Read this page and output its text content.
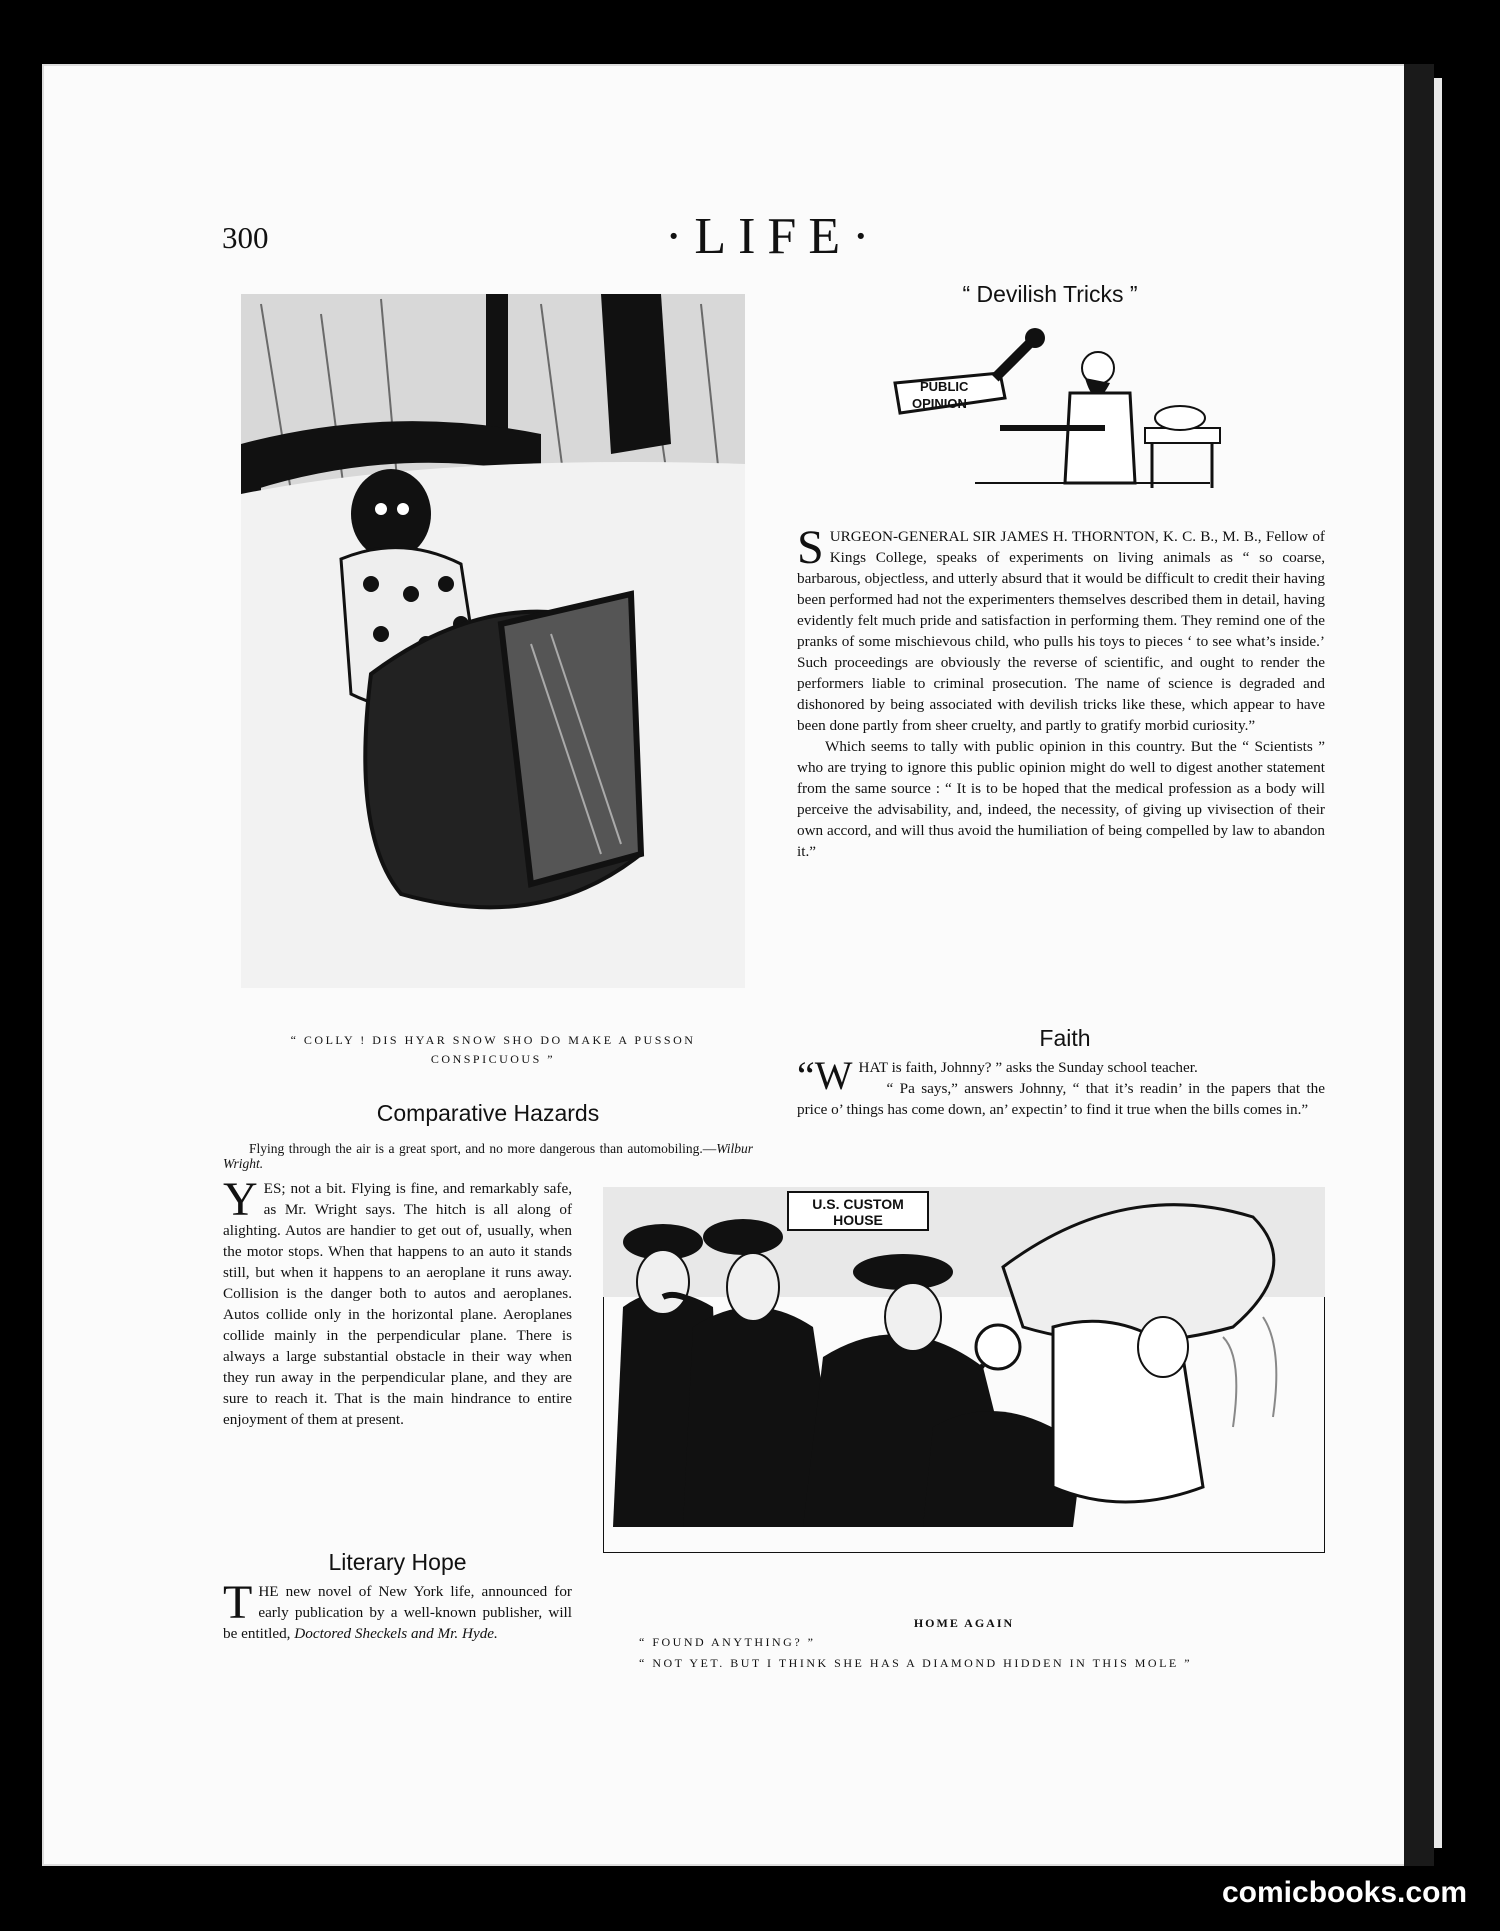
300	·LIFE·
“ COLLY ! DIS HYAR SNOW SHO DO MAKE A PUSSON CONSPICUOUS ”
“ Devilish Tricks ”
PUBLIC
OPINION

SURGEON-GENERAL SIR JAMES H. THORNTON, K. C. B., M. B., Fellow of Kings College, speaks of experiments on living animals as “ so coarse, barbarous, objectless, and utterly absurd that it would be difficult to credit their having been performed had not the experimenters themselves described them in detail, having evidently felt much pride and satisfaction in performing them. They remind one of the pranks of some mischievous child, who pulls his toys to pieces ‘ to see what’s inside.’ Such proceedings are obviously the reverse of scientific, and ought to render the performers liable to criminal prosecution. The name of science is degraded and dishonored by being associated with devilish tricks like these, which appear to have been done partly from sheer cruelty, and partly to gratify morbid curiosity.”

Which seems to tally with public opinion in this country. But the “ Scientists ” who are trying to ignore this public opinion might do well to digest another statement from the same source : “ It is to be hoped that the medical profession as a body will perceive the advisability, and, indeed, the necessity, of giving up vivisection of their own accord, and will thus avoid the humiliation of being compelled by law to abandon it.”

Faith

“WHAT is faith, Johnny? ” asks the Sunday school teacher.

“ Pa says,” answers Johnny, “ that it’s readin’ in the papers that the price o’ things has come down, an’ expectin’ to find it true when the bills comes in.”

Comparative Hazards
Flying through the air is a great sport, and no more dangerous than automobiling.—Wilbur Wright.

YES; not a bit. Flying is fine, and remarkably safe, as Mr. Wright says. The hitch is all along of alighting. Autos are handier to get out of, usually, when the motor stops. When that happens to an auto it stands still, but when it happens to an aeroplane it runs away. Collision is the danger both to autos and aeroplanes. Autos collide only in the horizontal plane. Aeroplanes collide mainly in the perpendicular plane. There is always a large substantial obstacle in their way when they run away in the perpendicular plane, and they are sure to reach it. That is the main hindrance to entire enjoyment of them at present.

Literary Hope

THE new novel of New York life, announced for early publication by a well-known publisher, will be entitled, Doctored Sheckels and Mr. Hyde.

U.S. CUSTOM
HOUSE
HOME AGAIN
“ FOUND ANYTHING? ”
“ NOT YET. BUT I THINK SHE HAS A DIAMOND HIDDEN IN THIS MOLE ”
comicbooks.com
